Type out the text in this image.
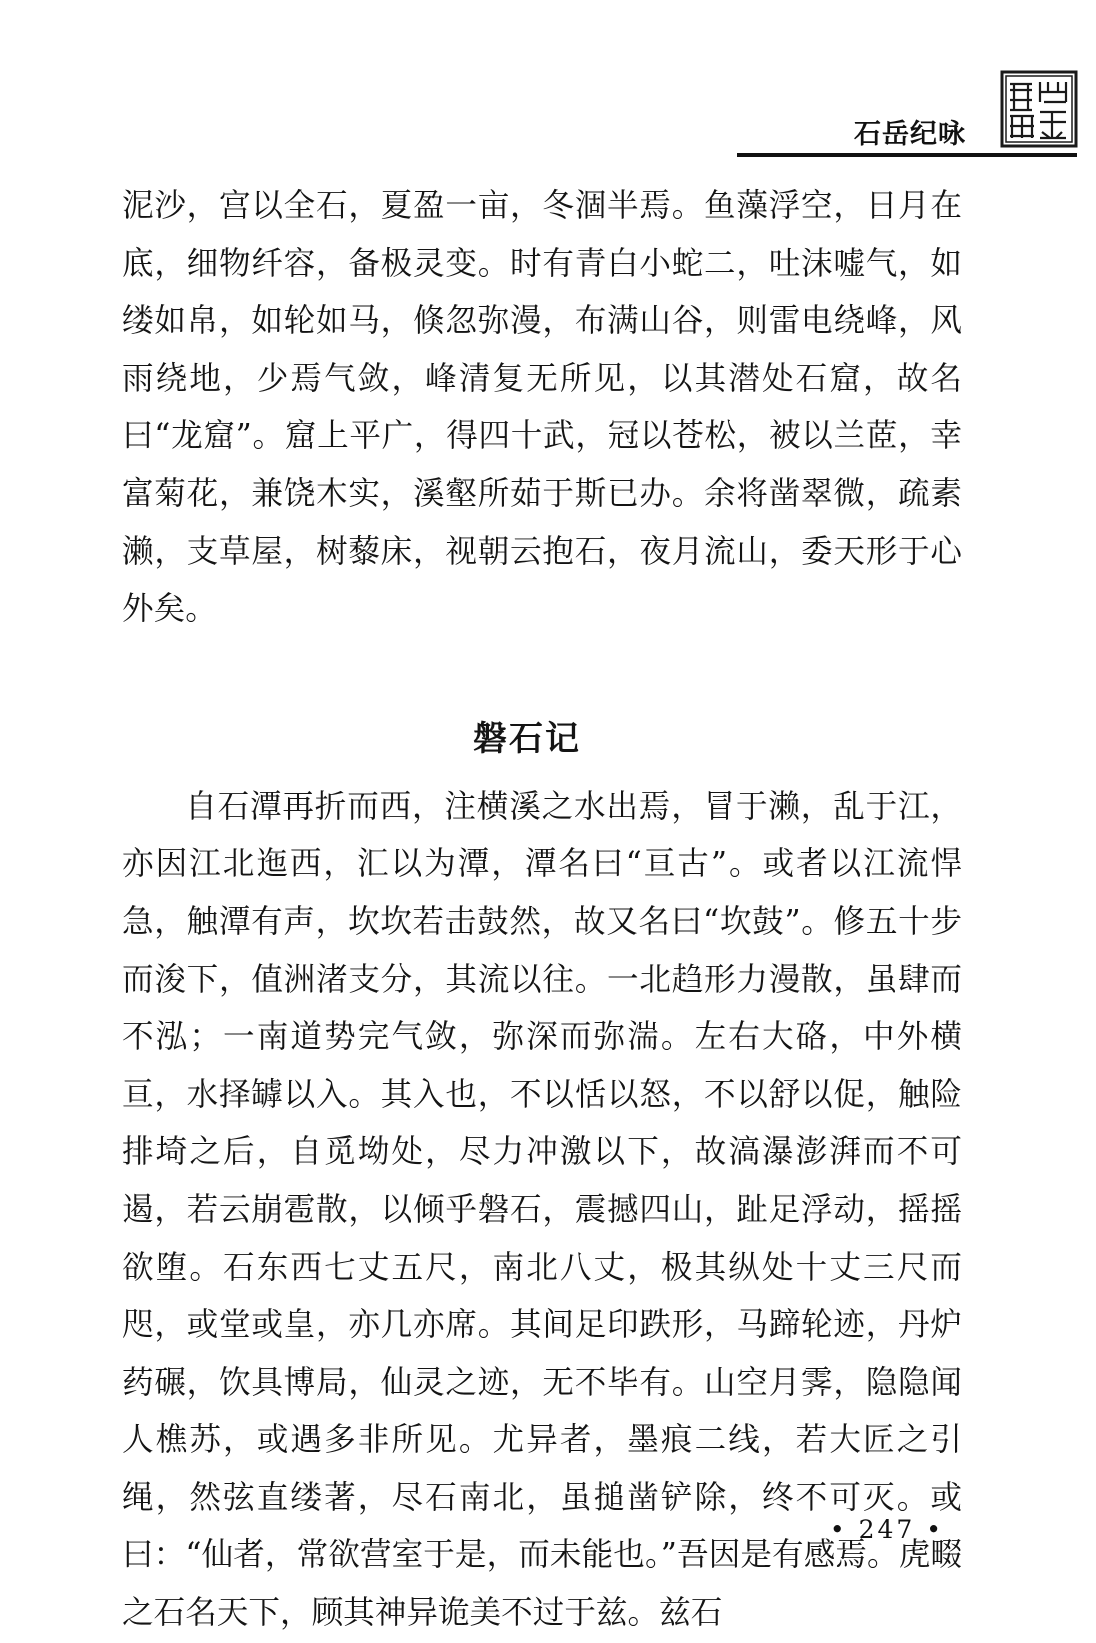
石岳纪咏

泥沙，宫以全石，夏盈一亩，冬涸半焉。鱼藻浮空，日月在底，细物纤容，备极灵变。时有青白小蛇二，吐沫嘘气，如缕如帛，如轮如马，倏忽弥漫，布满山谷，则雷电绕峰，风雨绕地，少焉气敛，峰清复无所见，以其潜处石窟，故名曰“龙窟”。窟上平广，得四十武，冠以苍松，被以兰茝，幸富菊花，兼饶木实，溪壑所茹于斯已办。余将凿翠微，疏素濑，支草屋，树藜床，视朝云抱石，夜月流山，委天形于心外矣。

磐石记

自石潭再折而西，注横溪之水出焉，冒于濑，乱于江，亦因江北迤西，汇以为潭，潭名曰“亘古”。或者以江流悍急，触潭有声，坎坎若击鼓然，故又名曰“坎鼓”。修五十步而浚下，值洲渚支分，其流以往。一北趋形力漫散，虽肆而不泓；一南道势完气敛，弥深而弥湍。左右大硌，中外横亘，水择罅以入。其入也，不以恬以怒，不以舒以促，触险排埼之后，自觅坳处，尽力冲激以下，故滈瀑澎湃而不可遏，若云崩雹散，以倾乎磐石，震撼四山，趾足浮动，摇摇欲堕。石东西七丈五尺，南北八丈，极其纵处十丈三尺而咫，或堂或皇，亦几亦席。其间足印跌形，马蹄轮迹，丹炉药碾，饮具博局，仙灵之迹，无不毕有。山空月霁，隐隐闻人樵苏，或遇多非所见。尤异者，墨痕二线，若大匠之引绳，然弦直缕著，尽石南北，虽搥凿铲除，终不可灭。或曰：“仙者，常欲营室于是，而未能也。”吾因是有感焉。虎畷之石名天下，顾其神异诡美不过于兹。兹石

• 247 •
